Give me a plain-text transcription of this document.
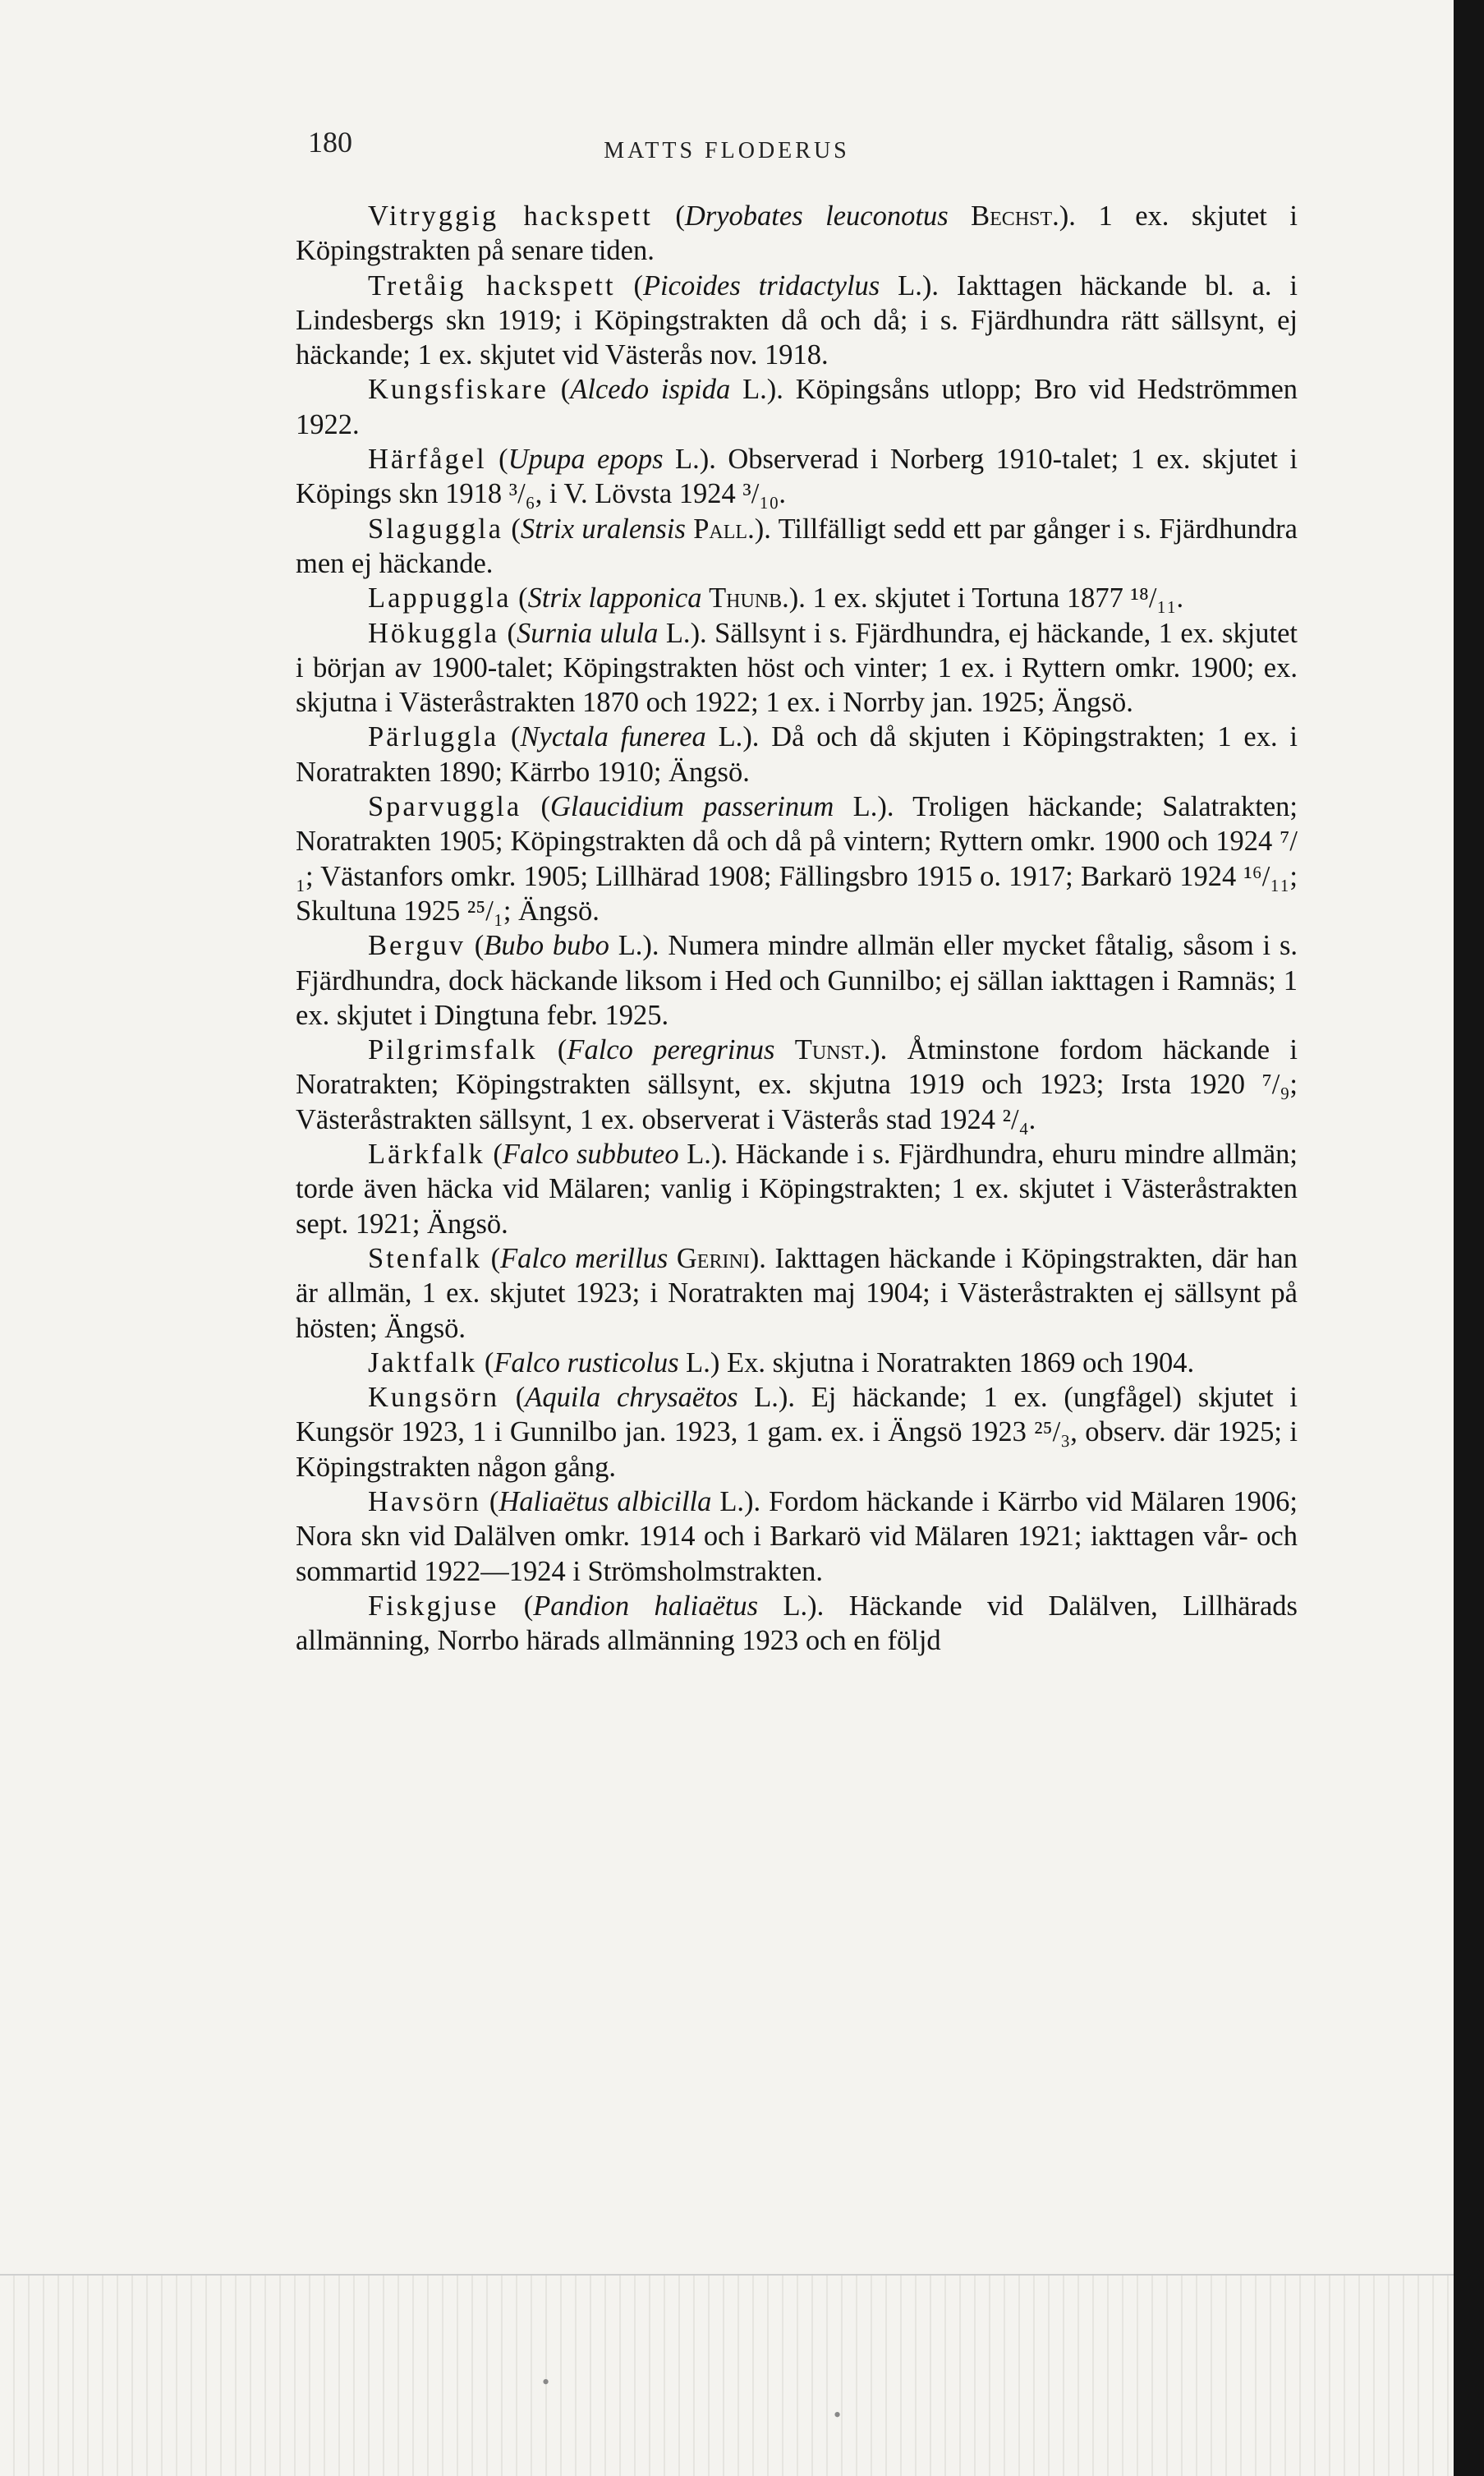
180	MATTS FLODERUS

Vitryggig hackspett (Dryobates leuconotus Bechst.). 1 ex. skjutet i Köpingstrakten på senare tiden.

Tretåig hackspett (Picoides tridactylus L.). Iakttagen häckande bl. a. i Lindesbergs skn 1919; i Köpingstrakten då och då; i s. Fjärdhundra rätt sällsynt, ej häckande; 1 ex. skjutet vid Västerås nov. 1918.

Kungsfiskare (Alcedo ispida L.). Köpingsåns utlopp; Bro vid Hedströmmen 1922.

Härfågel (Upupa epops L.). Observerad i Norberg 1910-talet; 1 ex. skjutet i Köpings skn 1918 ³/₆, i V. Lövsta 1924 ³/₁₀.

Slaguggla (Strix uralensis Pall.). Tillfälligt sedd ett par gånger i s. Fjärdhundra men ej häckande.

Lappuggla (Strix lapponica Thunb.). 1 ex. skjutet i Tortuna 1877 ¹⁸/₁₁.

Hökuggla (Surnia ulula L.). Sällsynt i s. Fjärdhundra, ej häckande, 1 ex. skjutet i början av 1900-talet; Köpingstrakten höst och vinter; 1 ex. i Ryttern omkr. 1900; ex. skjutna i Västeråstrakten 1870 och 1922; 1 ex. i Norrby jan. 1925; Ängsö.

Pärluggla (Nyctala funerea L.). Då och då skjuten i Köpingstrakten; 1 ex. i Noratrakten 1890; Kärrbo 1910; Ängsö.

Sparvuggla (Glaucidium passerinum L.). Troligen häckande; Salatrakten; Noratrakten 1905; Köpingstrakten då och då på vintern; Ryttern omkr. 1900 och 1924 ⁷/₁; Västanfors omkr. 1905; Lillhärad 1908; Fällingsbro 1915 o. 1917; Barkarö 1924 ¹⁶/₁₁; Skultuna 1925 ²⁵/₁; Ängsö.

Berguv (Bubo bubo L.). Numera mindre allmän eller mycket fåtalig, såsom i s. Fjärdhundra, dock häckande liksom i Hed och Gunnilbo; ej sällan iakttagen i Ramnäs; 1 ex. skjutet i Dingtuna febr. 1925.

Pilgrimsfalk (Falco peregrinus Tunst.). Åtminstone fordom häckande i Noratrakten; Köpingstrakten sällsynt, ex. skjutna 1919 och 1923; Irsta 1920 ⁷/₉; Västeråstrakten sällsynt, 1 ex. observerat i Västerås stad 1924 ²/₄.

Lärkfalk (Falco subbuteo L.). Häckande i s. Fjärdhundra, ehuru mindre allmän; torde även häcka vid Mälaren; vanlig i Köpingstrakten; 1 ex. skjutet i Västeråstrakten sept. 1921; Ängsö.

Stenfalk (Falco merillus Gerini). Iakttagen häckande i Köpingstrakten, där han är allmän, 1 ex. skjutet 1923; i Noratrakten maj 1904; i Västeråstrakten ej sällsynt på hösten; Ängsö.

Jaktfalk (Falco rusticolus L.) Ex. skjutna i Noratrakten 1869 och 1904.

Kungsörn (Aquila chrysaëtos L.). Ej häckande; 1 ex. (ungfågel) skjutet i Kungsör 1923, 1 i Gunnilbo jan. 1923, 1 gam. ex. i Ängsö 1923 ²⁵/₃, observ. där 1925; i Köpingstrakten någon gång.

Havsörn (Haliaëtus albicilla L.). Fordom häckande i Kärrbo vid Mälaren 1906; Nora skn vid Dalälven omkr. 1914 och i Barkarö vid Mälaren 1921; iakttagen vår- och sommartid 1922—1924 i Strömsholmstrakten.

Fiskgjuse (Pandion haliaëtus L.). Häckande vid Dalälven, Lillhärads allmänning, Norrbo härads allmänning 1923 och en följd

•
•
